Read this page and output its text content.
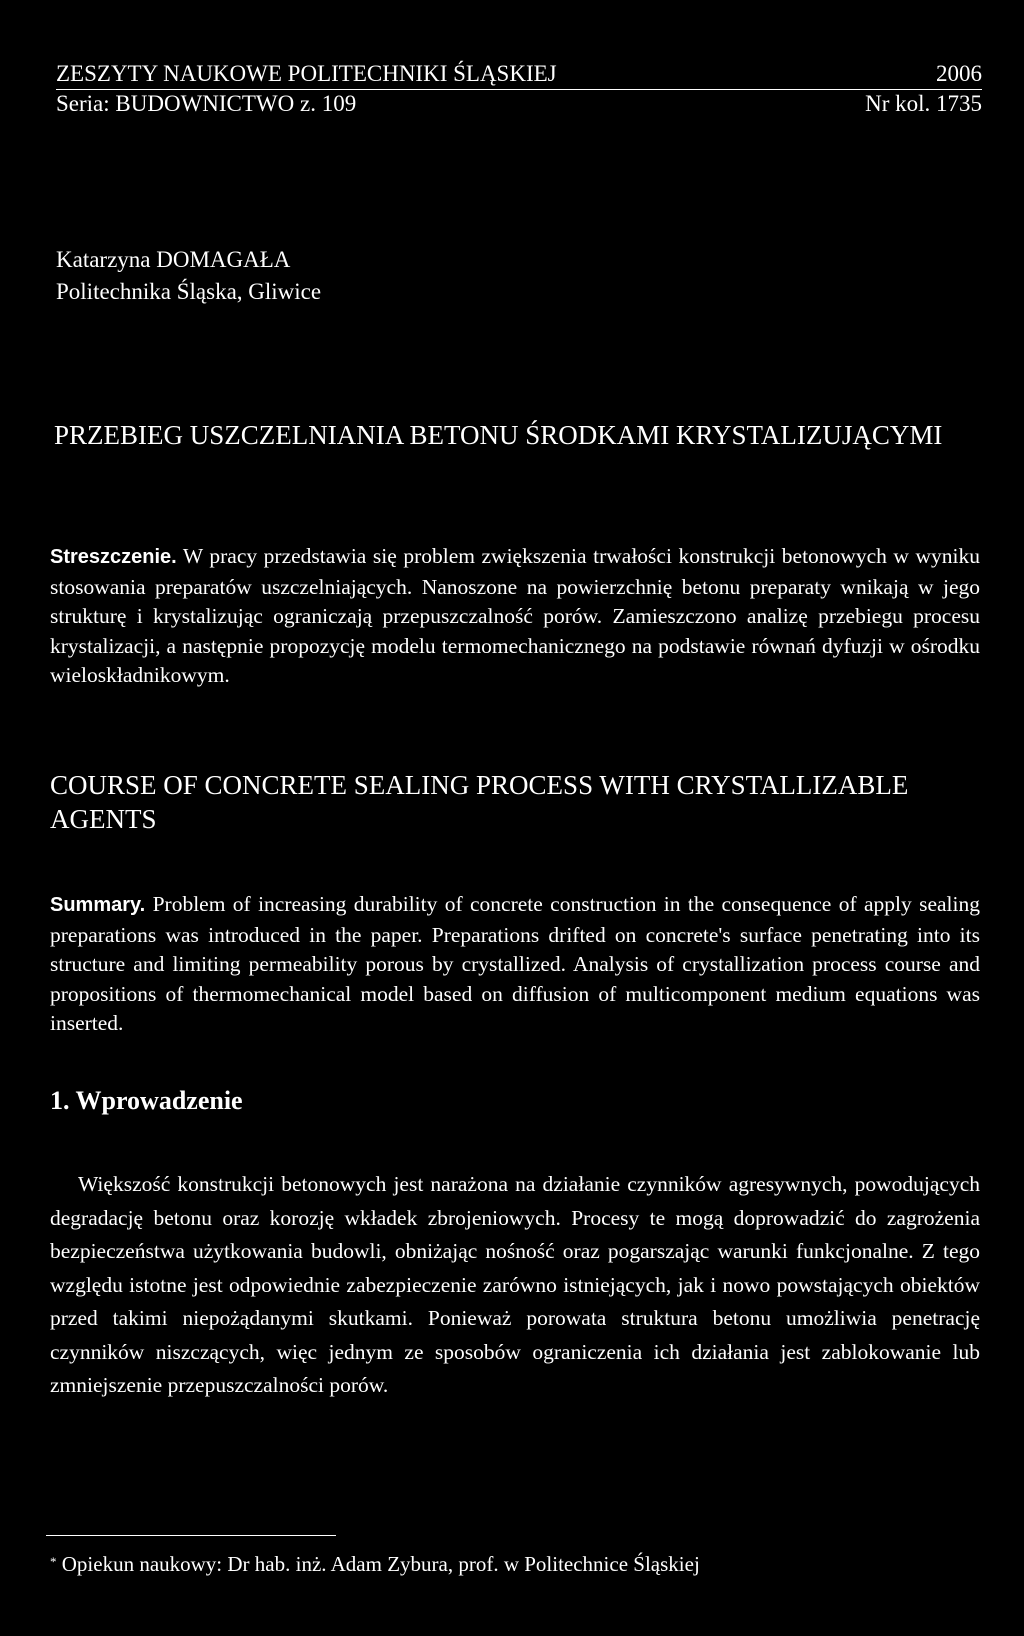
ZESZYTY NAUKOWE POLITECHNIKI ŚLĄSKIEJ	2006
Seria: BUDOWNICTWO z. 109	Nr kol. 1735
Katarzyna DOMAGAŁA
Politechnika Śląska, Gliwice
PRZEBIEG USZCZELNIANIA BETONU ŚRODKAMI KRYSTALIZUJĄCYMI
Streszczenie. W pracy przedstawia się problem zwiększenia trwałości konstrukcji betonowych w wyniku stosowania preparatów uszczelniających. Nanoszone na powierzchnię betonu preparaty wnikają w jego strukturę i krystalizując ograniczają przepuszczalność porów. Zamieszczono analizę przebiegu procesu krystalizacji, a następnie propozycję modelu termomechanicznego na podstawie równań dyfuzji w ośrodku wieloskładnikowym.
COURSE OF CONCRETE SEALING PROCESS WITH CRYSTALLIZABLE AGENTS
Summary. Problem of increasing durability of concrete construction in the consequence of apply sealing preparations was introduced in the paper. Preparations drifted on concrete's surface penetrating into its structure and limiting permeability porous by crystallized. Analysis of crystallization process course and propositions of thermomechanical model based on diffusion of multicomponent medium equations was inserted.
1. Wprowadzenie

Większość konstrukcji betonowych jest narażona na działanie czynników agresywnych, powodujących degradację betonu oraz korozję wkładek zbrojeniowych. Procesy te mogą doprowadzić do zagrożenia bezpieczeństwa użytkowania budowli, obniżając nośność oraz pogarszając warunki funkcjonalne. Z tego względu istotne jest odpowiednie zabezpieczenie zarówno istniejących, jak i nowo powstających obiektów przed takimi niepożądanymi skutkami. Ponieważ porowata struktura betonu umożliwia penetrację czynników niszczących, więc jednym ze sposobów ograniczenia ich działania jest zablokowanie lub zmniejszenie przepuszczalności porów.

* Opiekun naukowy: Dr hab. inż. Adam Zybura, prof. w Politechnice Śląskiej
